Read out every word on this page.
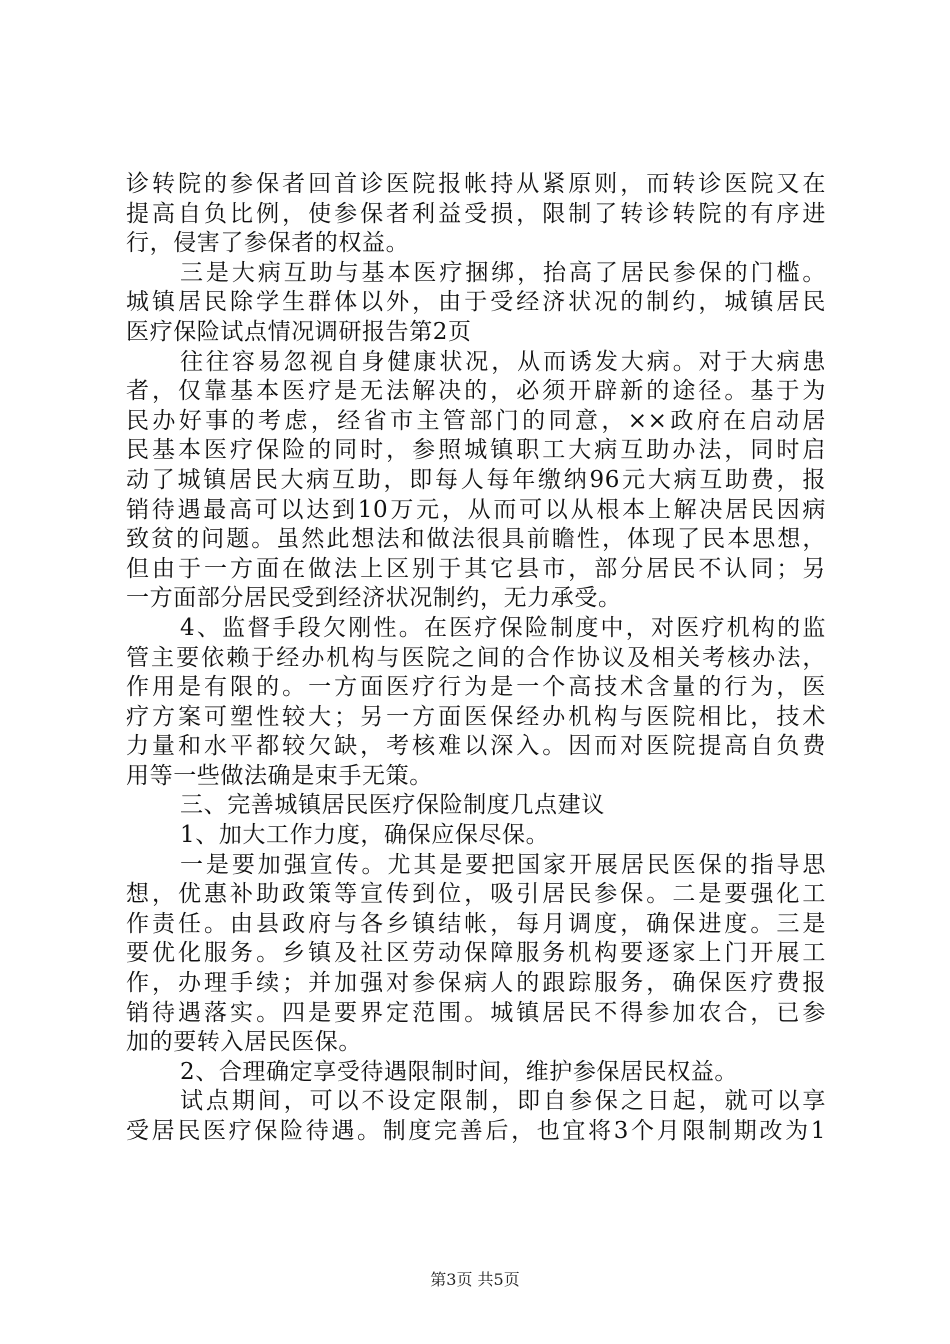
诊转院的参保者回首诊医院报帐持从紧原则，而转诊医院又在
提高自负比例，使参保者利益受损，限制了转诊转院的有序进
行，侵害了参保者的权益。
三是大病互助与基本医疗捆绑，抬高了居民参保的门槛。
城镇居民除学生群体以外，由于受经济状况的制约，城镇居民
医疗保险试点情况调研报告第2页
往往容易忽视自身健康状况，从而诱发大病。对于大病患
者，仅靠基本医疗是无法解决的，必须开辟新的途径。基于为
民办好事的考虑，经省市主管部门的同意，××政府在启动居
民基本医疗保险的同时，参照城镇职工大病互助办法，同时启
动了城镇居民大病互助，即每人每年缴纳96元大病互助费，报
销待遇最高可以达到10万元，从而可以从根本上解决居民因病
致贫的问题。虽然此想法和做法很具前瞻性，体现了民本思想，
但由于一方面在做法上区别于其它县市，部分居民不认同；另
一方面部分居民受到经济状况制约，无力承受。
4、监督手段欠刚性。在医疗保险制度中，对医疗机构的监
管主要依赖于经办机构与医院之间的合作协议及相关考核办法，
作用是有限的。一方面医疗行为是一个高技术含量的行为，医
疗方案可塑性较大；另一方面医保经办机构与医院相比，技术
力量和水平都较欠缺，考核难以深入。因而对医院提高自负费
用等一些做法确是束手无策。
三、完善城镇居民医疗保险制度几点建议
1、加大工作力度，确保应保尽保。
一是要加强宣传。尤其是要把国家开展居民医保的指导思
想，优惠补助政策等宣传到位，吸引居民参保。二是要强化工
作责任。由县政府与各乡镇结帐，每月调度，确保进度。三是
要优化服务。乡镇及社区劳动保障服务机构要逐家上门开展工
作，办理手续；并加强对参保病人的跟踪服务，确保医疗费报
销待遇落实。四是要界定范围。城镇居民不得参加农合，已参
加的要转入居民医保。
2、合理确定享受待遇限制时间，维护参保居民权益。
试点期间，可以不设定限制，即自参保之日起，就可以享
受居民医疗保险待遇。制度完善后，也宜将3个月限制期改为1
第3页 共5页
